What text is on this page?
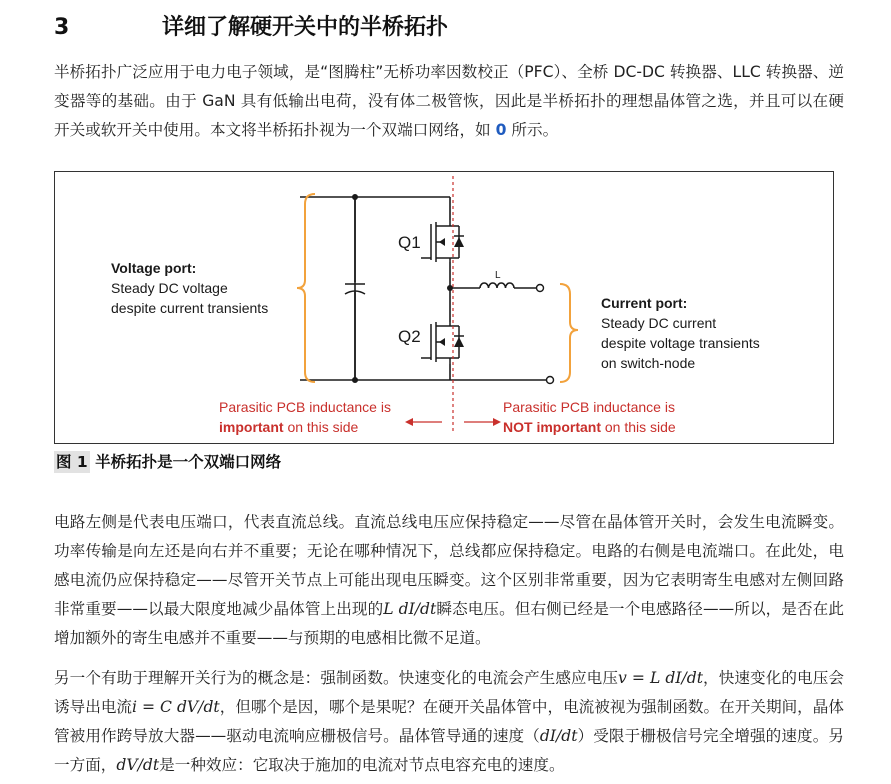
3	详细了解硬开关中的半桥拓扑
半桥拓扑广泛应用于电力电子领域，是“图腾柱”无桥功率因数校正（PFC）、全桥 DC-DC 转换器、LLC 转换器、逆变器等的基础。由于 GaN 具有低输出电荷，没有体二极管恢，因此是半桥拓扑的理想晶体管之选，并且可以在硬开关或软开关中使用。本文将半桥拓扑视为一个双端口网络，如 0 所示。
L
Q1
Q2
Voltage port:
Steady DC voltage
despite current transients	Current port:
Steady DC current
despite voltage transients
on switch-node
Parasitic PCB inductance is
important on this side
Parasitic PCB inductance is
NOT important on this side
图 1 半桥拓扑是一个双端口网络
电路左侧是代表电压端口，代表直流总线。直流总线电压应保持稳定——尽管在晶体管开关时，会发生电流瞬变。功率传输是向左还是向右并不重要；无论在哪种情况下，总线都应保持稳定。电路的右侧是电流端口。在此处，电感电流仍应保持稳定——尽管开关节点上可能出现电压瞬变。这个区别非常重要，因为它表明寄生电感对左侧回路非常重要——以最大限度地减少晶体管上出现的L dI/dt瞬态电压。但右侧已经是一个电感路径——所以，是否在此增加额外的寄生电感并不重要——与预期的电感相比微不足道。
另一个有助于理解开关行为的概念是：强制函数。快速变化的电流会产生感应电压v = L dI/dt，快速变化的电压会诱导出电流i = C dV/dt，但哪个是因，哪个是果呢？在硬开关晶体管中，电流被视为强制函数。在开关期间，晶体管被用作跨导放大器——驱动电流响应栅极信号。晶体管导通的速度（dI/dt）受限于栅极信号完全增强的速度。另一方面，dV/dt是一种效应：它取决于施加的电流对节点电容充电的速度。
